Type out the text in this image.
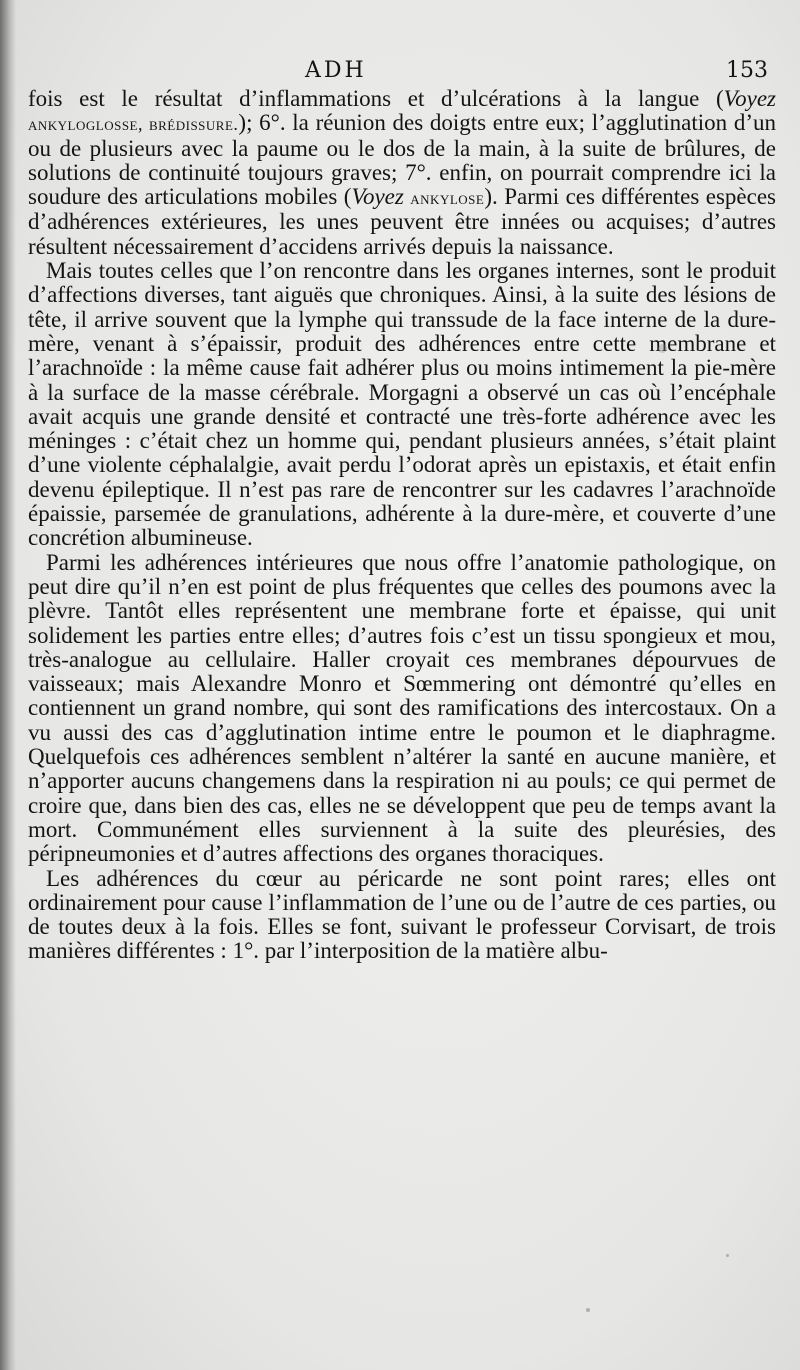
ADH	153

fois est le résultat d’inflammations et d’ulcérations à la langue (Voyez ankyloglosse, brédissure.); 6°. la réunion des doigts entre eux; l’agglutination d’un ou de plusieurs avec la paume ou le dos de la main, à la suite de brûlures, de solutions de continuité toujours graves; 7°. enfin, on pourrait comprendre ici la soudure des articulations mobiles (Voyez ankylose). Parmi ces différentes espèces d’adhérences extérieures, les unes peuvent être innées ou acquises; d’autres résultent nécessairement d’accidens arrivés depuis la naissance.

Mais toutes celles que l’on rencontre dans les organes internes, sont le produit d’affections diverses, tant aiguës que chroniques. Ainsi, à la suite des lésions de tête, il arrive souvent que la lymphe qui transsude de la face interne de la dure-mère, venant à s’épaissir, produit des adhérences entre cette membrane et l’arachnoïde : la même cause fait adhérer plus ou moins intimement la pie-mère à la surface de la masse cérébrale. Morgagni a observé un cas où l’encéphale avait acquis une grande densité et contracté une très-forte adhérence avec les méninges : c’était chez un homme qui, pendant plusieurs années, s’était plaint d’une violente céphalalgie, avait perdu l’odorat après un epistaxis, et était enfin devenu épileptique. Il n’est pas rare de rencontrer sur les cadavres l’arachnoïde épaissie, parsemée de granulations, adhérente à la dure-mère, et couverte d’une concrétion albumineuse.

Parmi les adhérences intérieures que nous offre l’anatomie pathologique, on peut dire qu’il n’en est point de plus fréquentes que celles des poumons avec la plèvre. Tantôt elles représentent une membrane forte et épaisse, qui unit solidement les parties entre elles; d’autres fois c’est un tissu spongieux et mou, très-analogue au cellulaire. Haller croyait ces membranes dépourvues de vaisseaux; mais Alexandre Monro et Sœmmering ont démontré qu’elles en contiennent un grand nombre, qui sont des ramifications des intercostaux. On a vu aussi des cas d’agglutination intime entre le poumon et le diaphragme. Quelquefois ces adhérences semblent n’altérer la santé en aucune manière, et n’apporter aucuns changemens dans la respiration ni au pouls; ce qui permet de croire que, dans bien des cas, elles ne se développent que peu de temps avant la mort. Communément elles surviennent à la suite des pleurésies, des péripneumonies et d’autres affections des organes thoraciques.

Les adhérences du cœur au péricarde ne sont point rares; elles ont ordinairement pour cause l’inflammation de l’une ou de l’autre de ces parties, ou de toutes deux à la fois. Elles se font, suivant le professeur Corvisart, de trois manières différentes : 1°. par l’interposition de la matière albu-
